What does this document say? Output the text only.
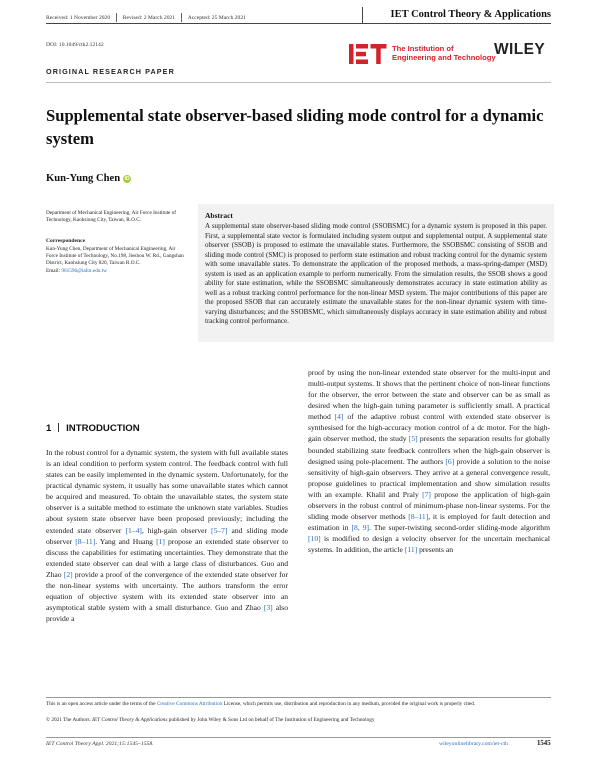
Received: 1 November 2020 Revised: 2 March 2021 Accepted: 25 March 2021	IET Control Theory & Applications
DOI: 10.1049/cth2.12142	The Institution of
Engineering and Technology
WILEY
ORIGINAL RESEARCH PAPER
Supplemental state observer-based sliding mode control for a dynamic system
Kun-Yung Chen iD
Department of Mechanical Engineering, Air Force Institute of Technology, Kaohsiung City, Taiwan, R.O.C.
Correspondence
Kun-Yung Chen, Department of Mechanical Engineering, Air Force Institute of Technology, No.198, Jieshou W. Rd., Gangshan District, Kaohsiung City 820, Taiwan R.O.C.
Email: 961596@iafot.edu.tw
Abstract
A supplemental state observer-based sliding mode control (SSOBSMC) for a dynamic system is proposed in this paper. First, a supplemental state vector is formulated including system output and supplemental output. A supplemental state observer (SSOB) is proposed to estimate the unavailable states. Furthermore, the SSOBSMC consisting of SSOB and sliding mode control (SMC) is proposed to perform state estimation and robust tracking control for the dynamic system with some unavailable states. To demonstrate the application of the proposed methods, a mass-spring-damper (MSD) system is used as an application example to perform numerically. From the simulation results, the SSOB shows a good ability for state estimation, while the SSOBSMC simultaneously demonstrates accuracy in state estimation ability as well as a robust tracking control performance for the non-linear MSD system. The major contributions of this paper are the proposed SSOB that can accurately estimate the unavailable states for the non-linear dynamic system with time-varying disturbances; and the SSOBSMC, which simultaneously displays accuracy in state estimation ability and robust tracking control performance.
1 INTRODUCTION
In the robust control for a dynamic system, the system with full available states is an ideal condition to perform system control. The feedback control with full states can be easily implemented in the dynamic system. Unfortunately, for the practical dynamic system, it usually has some unavailable states which cannot be acquired and measured. To obtain the unavailable states, the system state observer is a suitable method to estimate the unknown state variables. Studies about system state observer have been proposed previously; including the extended state observer [1–4], high-gain observer [5–7] and sliding mode observer [8–11]. Yang and Huang [1] propose an extended state observer to discuss the capabilities for estimating uncertainties. They demonstrate that the extended state observer can deal with a large class of disturbances. Guo and Zhao [2] provide a proof of the convergence of the extended state observer for the non-linear systems with uncertainty. The authors transform the error equation of objective system with its extended state observer into an asymptotical stable system with a small disturbance. Guo and Zhao [3] also provide a
proof by using the non-linear extended state observer for the multi-input and multi-output systems. It shows that the pertinent choice of non-linear functions for the observer, the error between the state and observer can be as small as desired when the high-gain tuning parameter is sufficiently small. A practical method [4] of the adaptive robust control with extended state observer is synthesised for the high-accuracy motion control of a dc motor. For the high-gain observer method, the study [5] presents the separation results for globally bounded stabilizing state feedback controllers when the high-gain observer is designed using pole-placement. The authors [6] provide a solution to the noise sensitivity of high-gain observers. They arrive at a general convergence result, propose guidelines to practical implementation and show simulation results with an example. Khalil and Praly [7] propose the application of high-gain observers in the robust control of minimum-phase non-linear systems. For the sliding mode observer methods [8–11], it is employed for fault detection and estimation in [8, 9]. The super-twisting second-order sliding-mode algorithm [10] is modified to design a velocity observer for the uncertain mechanical systems. In addition, the article [11] presents an
This is an open access article under the terms of the Creative Commons Attribution License, which permits use, distribution and reproduction in any medium, provided the original work is properly cited.
© 2021 The Authors. IET Control Theory & Applications published by John Wiley & Sons Ltd on behalf of The Institution of Engineering and Technology
IET Control Theory Appl. 2021;15:1545–1558.	wileyonlinelibrary.com/iet-cth	1545
